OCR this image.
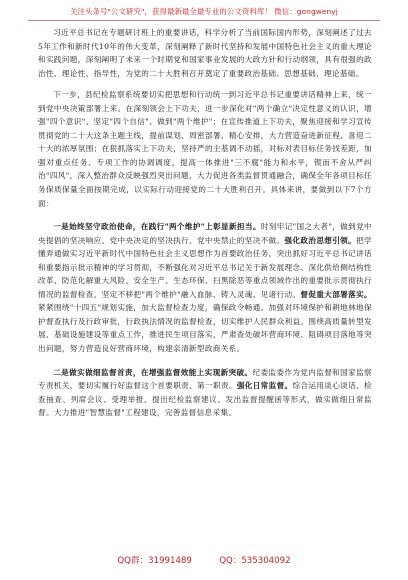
关注头条号"公文研究"，获得最新最全最专业的公文资料库！ 微信：gongwenyj

习近平总书记在专题研讨班上的重要讲话，科学分析了当前国际国内形势，深刻阐述了过去5年工作和新时代10年的伟大变革，深刻阐释了新时代坚持和发展中国特色社会主义的重大理论和实践问题，深刻阐明了未来一个时期党和国家事业发展的大政方针和行动纲领，具有很强的政治性、理论性、指导性，为党的二十大胜利召开奠定了重要政治基础、思想基础、理论基础。

下一步，县纪检监察系统要切实把思想和行动统一到习近平总书记重要讲话精神上来，统一到党中央决策部署上来。在深刻领会上下功夫，进一步深化对"两个确立"决定性意义的认识，增强"四个意识"、坚定"四个自信"、做到"两个维护"；在宣传推道上下功夫，聚焦迎接和学习宣传贯彻党的二十大这条主题主线，提前谋划、周密部署、精心安排，大力营造奋进新征程、喜迎二十大的浓厚氛围；在狠抓落实上下功夫，坚持严的主基调不动摇，对标对表目标任务找差距，加强对重点任务、专项工作的协调调度，提高一体推进"三不腐"能力和水平，锲而不舍从严纠治"四风"，深入整治群众反映强烈突出问题，大力促进各类监督贯通融合，确保全年各项目标任务保质保量全面按期完成，以实际行动迎接党的二十大胜利召开。具体来讲，要做到以下7个方面：

一是始终坚守政治使命，在践行"两个维护"上彰显新担当。时刻牢记"国之大者"，做到党中央提倡的坚决响应、党中央决定的坚决执行、党中央禁止的坚决不做。强化政治思想引领。把学懂弄通做实习近平新时代中国特色社会主义思想作为首要政治任务，突出抓好习近平总书记讲话和重要指示批示精神的学习贯彻，不断强化对习近平总书记关于新发展理念、深化供给侧结构性改革、防范化解重大风险、安全生产、生态环保、扫黑除恶等重点领域作出的重要批示贯彻执行情况的监督检查，坚定不移把"两个维护"融入血脉、铸入灵魂、见诸行动。督促重大部署落实。紧紧围绕"十四五"规划实施，加大监督检查力度，确保政令畅通。加强对环境保护和耕地林地保护督查执行及行政审批，行政执法情况的监督检查，切实维护人民群众利益。围绕高质量转型发展、基础设施建设等重点工作，推进民生项目落实，严肃查处破坏营商环境、阻碍项目落地等突出问题，努力营造良好营商环境，构建亲清新型政商关系。

二是做实做细监督首责，在增强监督效能上实现新突破。纪委监委作为党内监督和国家监察专责机关，要切实履行好监督这个首要职责、第一职责。强化日常监督。综合运用谈心谈话、检查抽查、列席会议、受理举报、提出纪检监察建议、发出监督提醒函等形式，做实做细日常监督。大力推进"智慧监督"工程建设，完善监督信息采集、

QQ群：31991489	QQ：535304092
